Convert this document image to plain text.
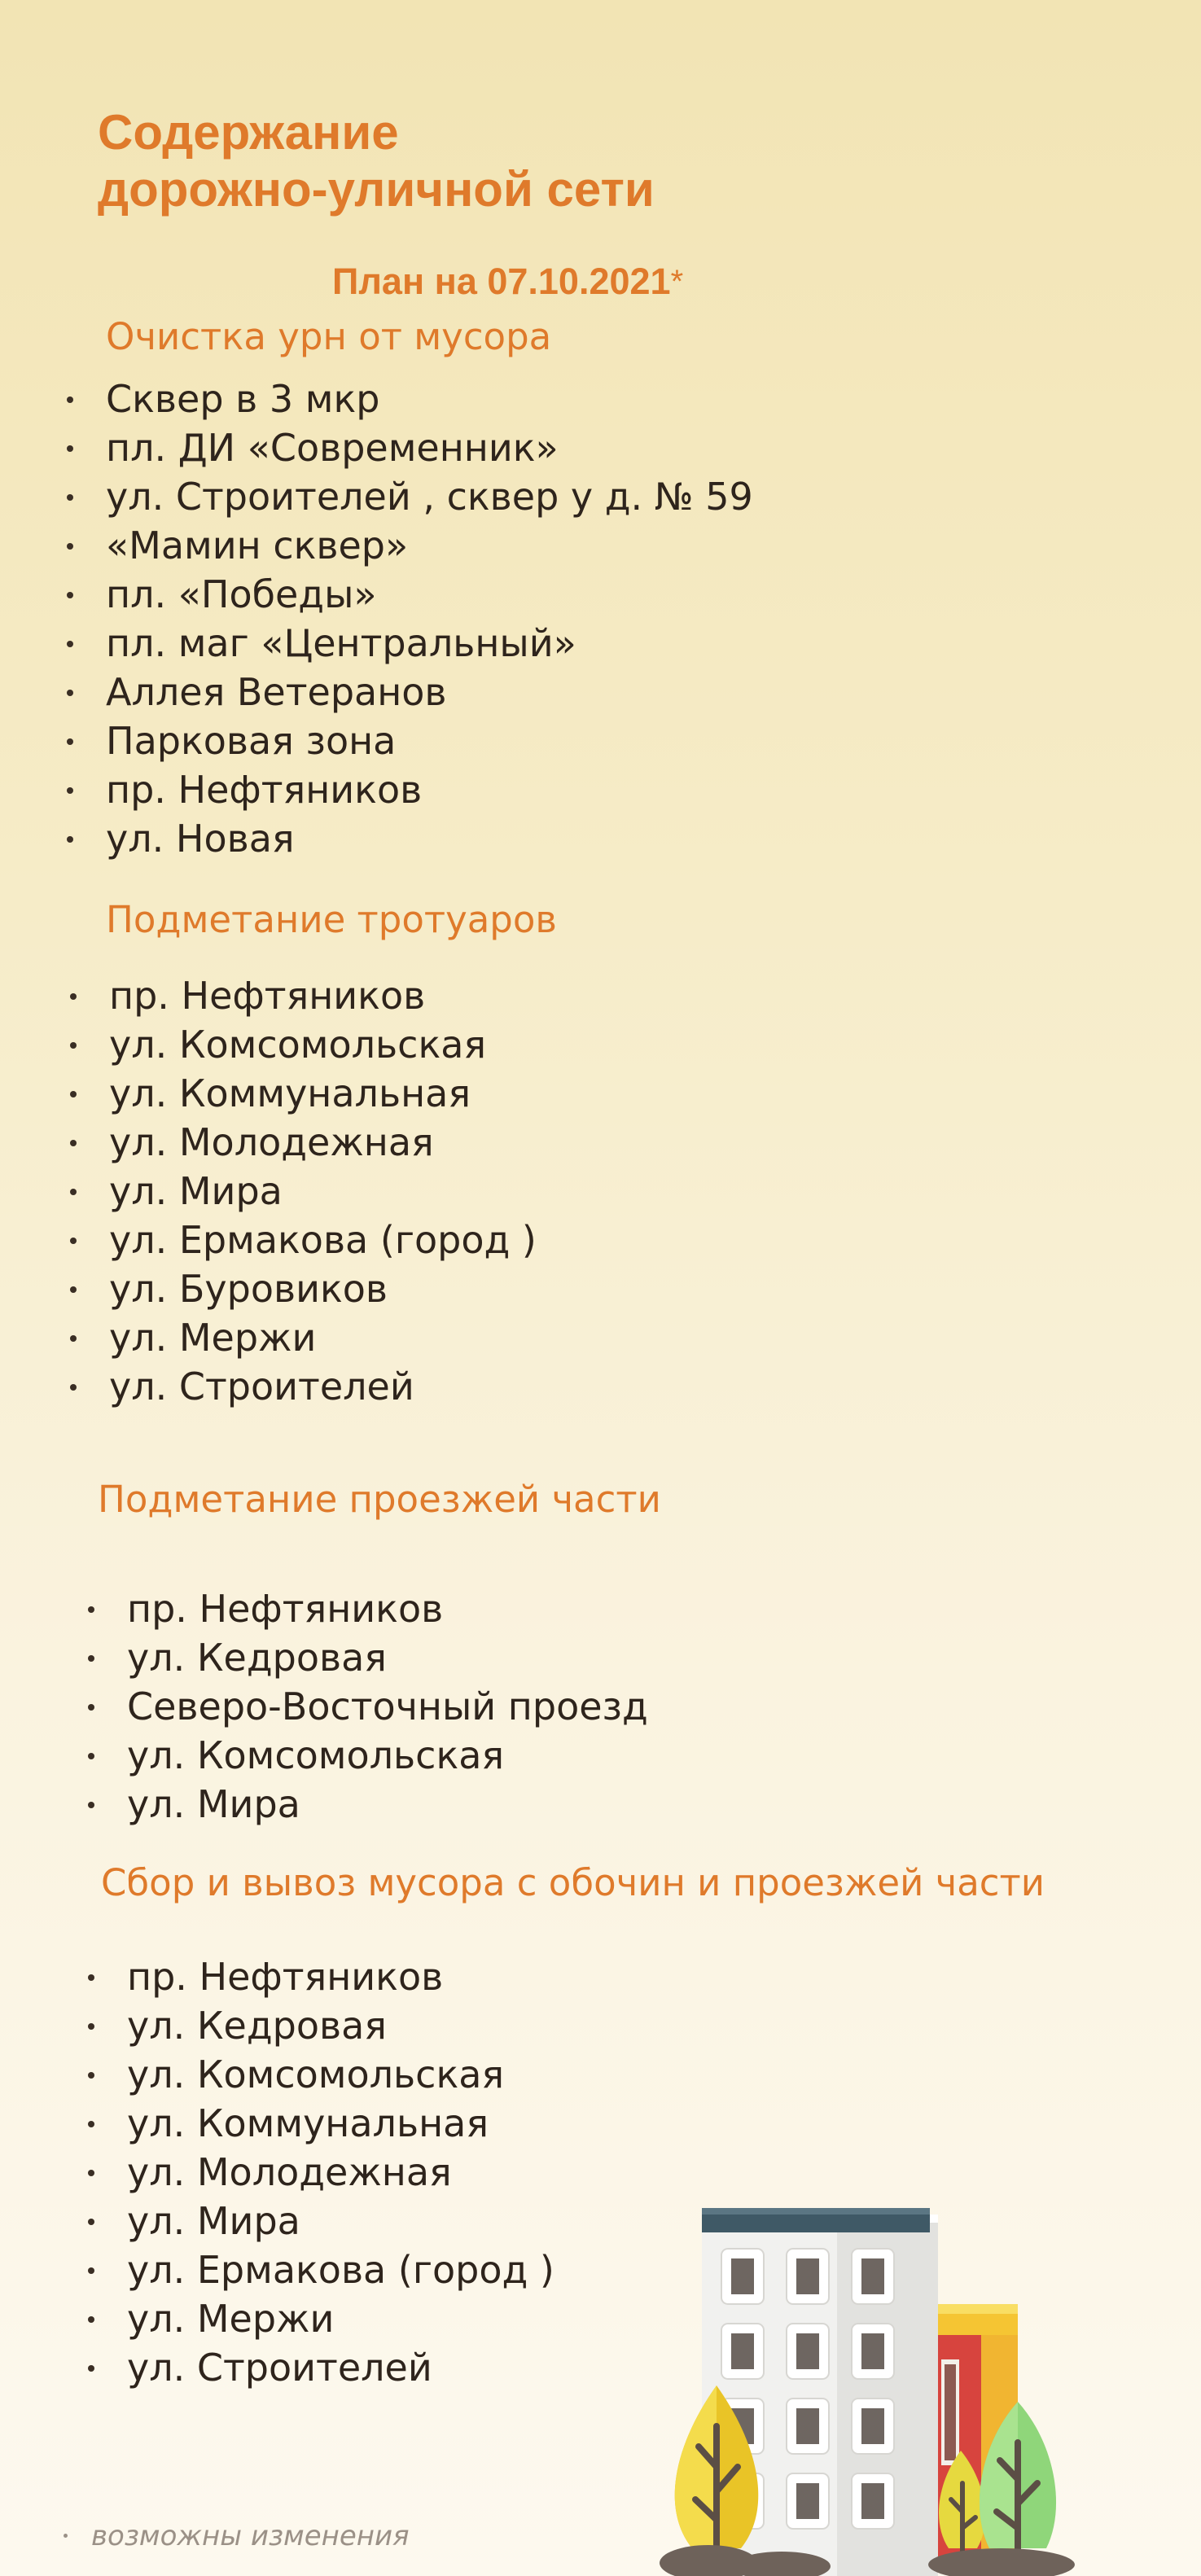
Содержание
дорожно-уличной сети
План на 07.10.2021*
Очистка урн от мусора
Сквер в 3 мкр
пл. ДИ «Современник»
ул. Строителей , сквер у д. № 59
«Мамин сквер»
пл. «Победы»
пл. маг «Центральный»
Аллея Ветеранов
Парковая зона
пр. Нефтяников
ул. Новая
Подметание тротуаров
пр. Нефтяников
ул. Комсомольская
ул. Коммунальная
ул. Молодежная
ул. Мира
ул. Ермакова (город )
ул. Буровиков
ул. Мержи
ул. Строителей
Подметание проезжей части
пр. Нефтяников
ул. Кедровая
Северо-Восточный проезд
ул. Комсомольская
ул. Мира
Сбор и вывоз мусора с обочин и проезжей части
пр. Нефтяников
ул. Кедровая
ул. Комсомольская
ул. Коммунальная
ул. Молодежная
ул. Мира
ул. Ермакова (город )
ул. Мержи
ул. Строителей
возможны изменения
